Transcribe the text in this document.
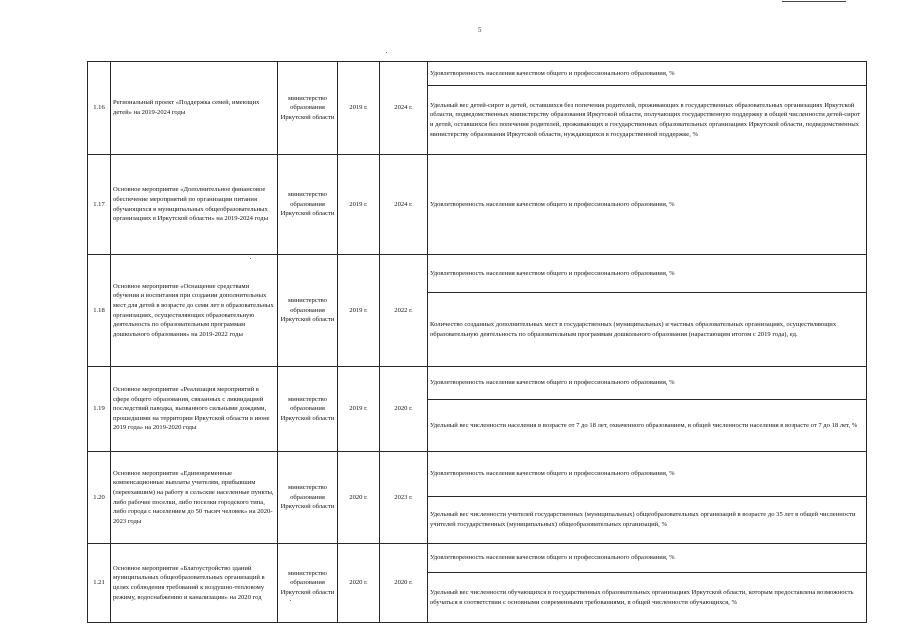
5
1.16	Региональный проект «Поддержка семей, имеющих детей» на 2019-2024 годы	министерство образования Иркутской области	2019 г.	2024 г.	Удовлетворенность населения качеством общего и профессионального образования, %
					Удельный вес детей-сирот и детей, оставшихся без попечения родителей, проживающих в государственных образовательных организациях Иркутской области, подведомственных министерству образования Иркутской области, получающих государственную поддержку в общей численности детей-сирот и детей, оставшихся без попечения родителей, проживающих в государственных образовательных организациях Иркутской области, подведомственных министерству образования Иркутской области, нуждающихся в государственной поддержке, %
1.17	Основное мероприятие «Дополнительное финансовое обеспечение мероприятий по организации питания обучающихся в муниципальных общеобразовательных организациях в Иркутской области» на 2019-2024 годы	министерство образования Иркутской области	2019 г.	2024 г.	Удовлетворенность населения качеством общего и профессионального образования, %
1.18	Основное мероприятие «Оснащение средствами обучения и воспитания при создании дополнительных мест для детей в возрасте до семи лет в образовательных организациях, осуществляющих образовательную деятельность по образовательным программам дошкольного образования» на 2019-2022 годы	министерство образования Иркутской области	2019 г.	2022 г.	Удовлетворенность населения качеством общего и профессионального образования, %
					Количество созданных дополнительных мест в государственных (муниципальных) и частных образовательных организациях, осуществляющих образовательную деятельность по образовательным программам дошкольного образования (нарастающим итогом с 2019 года), ед.
1.19	Основное мероприятие «Реализация мероприятий в сфере общего образования, связанных с ликвидацией последствий паводка, вызванного сильными дождями, прошедшими на территории Иркутской области в июне 2019 года» на 2019-2020 годы	министерство образования Иркутской области	2019 г.	2020 г.	Удовлетворенность населения качеством общего и профессионального образования, %
					Удельный вес численности населения в возрасте от 7 до 18 лет, охваченного образованием, в общей численности населения в возрасте от 7 до 18 лет, %
1.20	Основное мероприятие «Единовременные компенсационные выплаты учителям, прибывшим (переехавшим) на работу в сельские населенные пункты, либо рабочие поселки, либо поселки городского типа, либо города с населением до 50 тысяч человек» на 2020-2023 годы	министерство образования Иркутской области	2020 г.	2023 г.	Удовлетворенность населения качеством общего и профессионального образования, %
					Удельный вес численности учителей государственных (муниципальных) общеобразовательных организаций в возрасте до 35 лет в общей численности учителей государственных (муниципальных) общеобразовательных организаций, %
1.21	Основное мероприятие «Благоустройство зданий муниципальных общеобразовательных организаций в целях соблюдения требований к воздушно-тепловому режиму, водоснабжению и канализации» на 2020 год	министерство образования Иркутской области	2020 г.	2020 г.	Удовлетворенность населения качеством общего и профессионального образования, %
					Удельный вес численности обучающихся в государственных образовательных организациях Иркутской области, которым предоставлена возможность обучаться в соответствии с основными современными требованиями, в общей численности обучающихся, %
